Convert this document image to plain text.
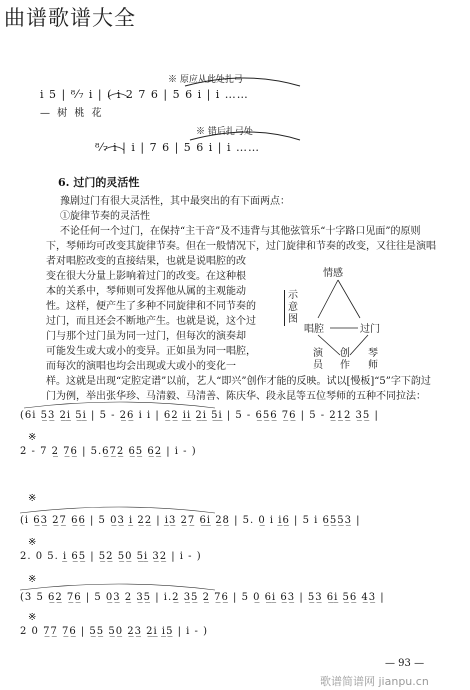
曲谱歌谱大全
※ 原应从此处扎弓
i 5 | ⁸⁄₇ i | ( i 2 7 6 | 5 6 i | i ……
— 树 桃 花
※ 错后扎弓处
⁸⁄₇ i | i | 7 6 | 5 6 i | i ……
6. 过门的灵活性
豫剧过门有很大灵活性，其中最突出的有下面两点：
①旋律节奏的灵活性
不论任何一个过门，在保持“主干音”及不违背与其他弦管乐“十字路口见面”的原则
下，琴师均可改变其旋律节奏。但在一般情况下，过门旋律和节奏的改变，又往往是演唱
者对唱腔改变的直接结果，也就是说唱腔的改
变在很大分量上影响着过门的改变。在这种根
本的关系中，琴师则可发挥他从属的主观能动
性。这样，便产生了多种不同旋律和不同节奏的
过门，而且还会不断地产生。也就是说，这个过
门与那个过门虽为同一过门，但每次的演奏却
可能发生或大或小的变异。正如虽为同一唱腔，
而每次的演唱也均会出现或大或小的变化一
样。这就是出现“定腔定谱”以前，艺人“即兴”创作才能的反映。试以[慢板]“5”字下韵过
门为例，举出张华珍、马清毅、马清善、陈庆华、段永昆等五位琴师的五种不同拉法：
示意图
情感
唱腔	过门
演员
创作
琴师
(6i 5̲3̲ 2̲i̲ 5̲i̲ | 5 - 2̲6̲ i i | 6̲2̲ i̲i̲ 2̲i̲ 5̲i̲ | 5 - 6̲5̲6̲ 7̲6̲ | 5 - 2̲1̲2̲ 3̲5̲ |
※
2̇ - 7 2̲ 7̲6̲ | 5.6̲7̲2̲ 6̲5̲ 6̲2̲ | i - )
※
(i 6̲3̲ 2̲7̲ 6̲6̲ | 5 0̲3̲ i̲ 2̲2̲ | i̲3̲ 2̲7̲ 6̲i̲ 2̲8̲ | 5. 0̲ i i̲6̲ | 5 i 6̲5̲5̲3̲ |
※
2. 0 5. i̲ 6̲5̲ | 5̲2̲ 5̲0̲ 5̲i̲ 3̲2̲ | i - )
※
(3 5 6̲2̲ 7̲6̲ | 5 0̲3̲ 2̲ 3̲5̲ | i.2̲ 3̲5̲ 2̲ 7̲6̲ | 5 0̲ 6̲i̲ 6̲3̲ | 5̲3̲ 6̲i̲ 5̲6̲ 4̲3̲ |
※
2 0 7̲7̲ 7̲6̲ | 5̲5̲ 5̲0̲ 2̲3̲ 2̲i̲ i̲5̲ | i - )
— 93 —
歌谱简谱网 jianpu.cn
